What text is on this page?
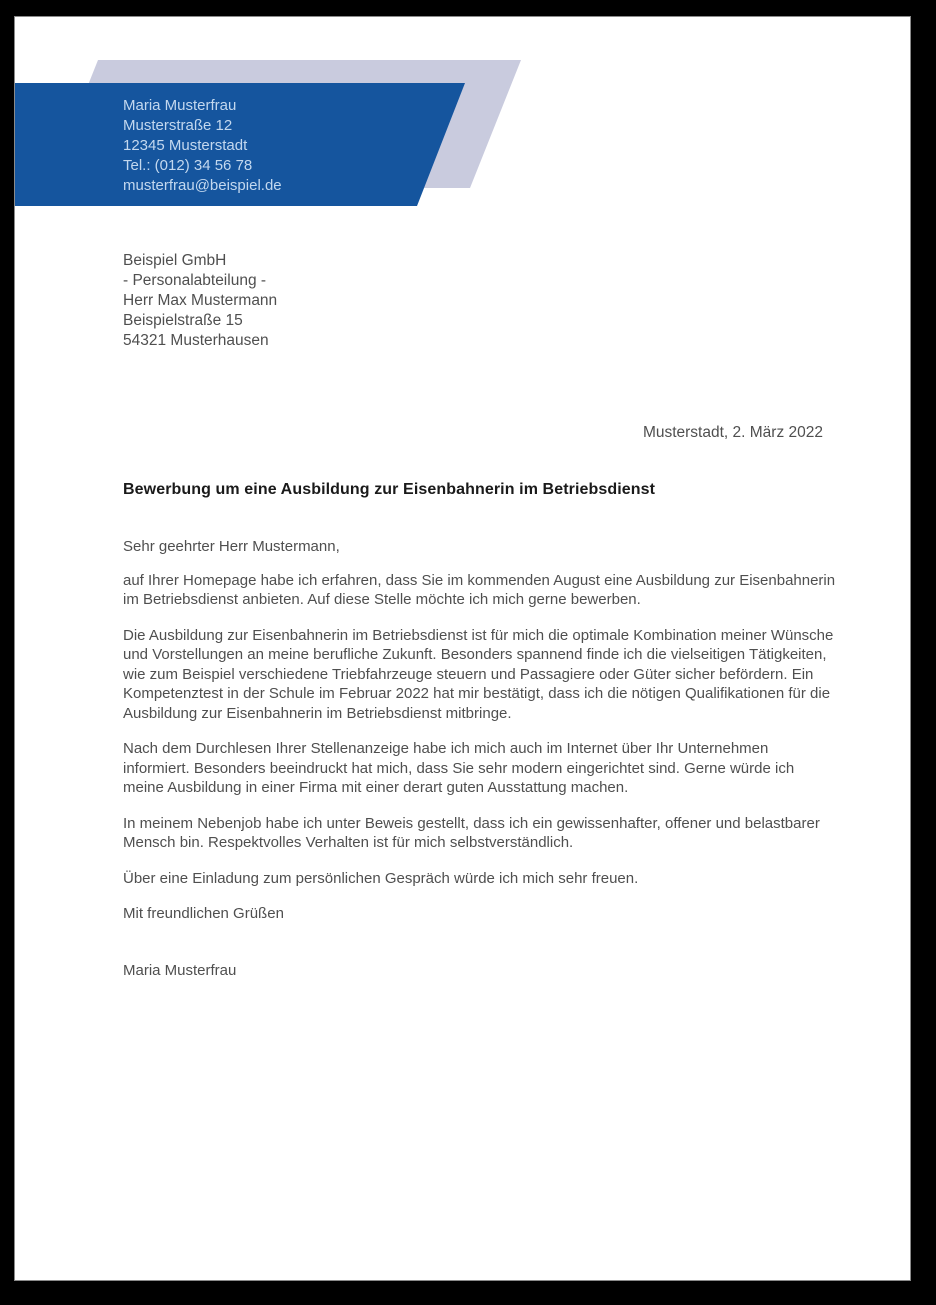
Maria Musterfrau
Musterstraße 12
12345 Musterstadt
Tel.: (012) 34 56 78
musterfrau@beispiel.de
Beispiel GmbH
- Personalabteilung -
Herr Max Mustermann
Beispielstraße 15
54321 Musterhausen
Musterstadt, 2. März 2022
Bewerbung um eine Ausbildung zur Eisenbahnerin im Betriebsdienst

Sehr geehrter Herr Mustermann,

auf Ihrer Homepage habe ich erfahren, dass Sie im kommenden August eine Ausbildung zur Eisenbahnerin im Betriebsdienst anbieten. Auf diese Stelle möchte ich mich gerne bewerben.

Die Ausbildung zur Eisenbahnerin im Betriebsdienst ist für mich die optimale Kombination meiner Wünsche und Vorstellungen an meine berufliche Zukunft. Besonders spannend finde ich die vielseitigen Tätigkeiten, wie zum Beispiel verschiedene Triebfahrzeuge steuern und Passagiere oder Güter sicher befördern. Ein Kompetenztest in der Schule im Februar 2022 hat mir bestätigt, dass ich die nötigen Qualifikationen für die Ausbildung zur Eisenbahnerin im Betriebsdienst mitbringe.

Nach dem Durchlesen Ihrer Stellenanzeige habe ich mich auch im Internet über Ihr Unternehmen informiert. Besonders beeindruckt hat mich, dass Sie sehr modern eingerichtet sind. Gerne würde ich meine Ausbildung in einer Firma mit einer derart guten Ausstattung machen.

In meinem Nebenjob habe ich unter Beweis gestellt, dass ich ein gewissenhafter, offener und belastbarer Mensch bin. Respektvolles Verhalten ist für mich selbstverständlich.

Über eine Einladung zum persönlichen Gespräch würde ich mich sehr freuen.

Mit freundlichen Grüßen

Maria Musterfrau
